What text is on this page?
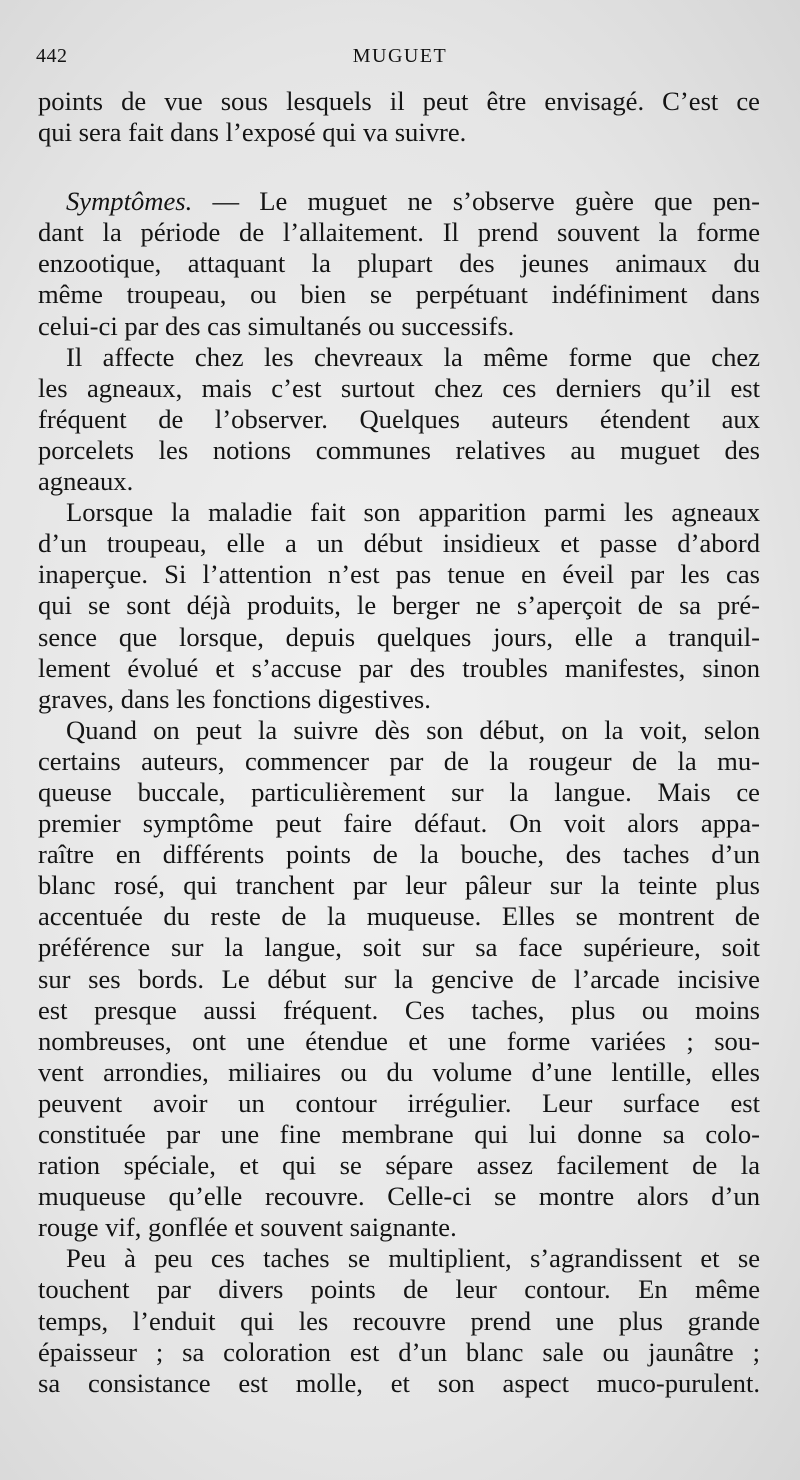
442	MUGUET
points de vue sous lesquels il peut être envisagé. C’est ce
qui sera fait dans l’exposé qui va suivre.
Symptômes. — Le muguet ne s’observe guère que pen-
dant la période de l’allaitement. Il prend souvent la forme
enzootique, attaquant la plupart des jeunes animaux du
même troupeau, ou bien se perpétuant indéfiniment dans
celui-ci par des cas simultanés ou successifs.
Il affecte chez les chevreaux la même forme que chez
les agneaux, mais c’est surtout chez ces derniers qu’il est
fréquent de l’observer. Quelques auteurs étendent aux
porcelets les notions communes relatives au muguet des
agneaux.
Lorsque la maladie fait son apparition parmi les agneaux
d’un troupeau, elle a un début insidieux et passe d’abord
inaperçue. Si l’attention n’est pas tenue en éveil par les cas
qui se sont déjà produits, le berger ne s’aperçoit de sa pré-
sence que lorsque, depuis quelques jours, elle a tranquil-
lement évolué et s’accuse par des troubles manifestes, sinon
graves, dans les fonctions digestives.
Quand on peut la suivre dès son début, on la voit, selon
certains auteurs, commencer par de la rougeur de la mu-
queuse buccale, particulièrement sur la langue. Mais ce
premier symptôme peut faire défaut. On voit alors appa-
raître en différents points de la bouche, des taches d’un
blanc rosé, qui tranchent par leur pâleur sur la teinte plus
accentuée du reste de la muqueuse. Elles se montrent de
préférence sur la langue, soit sur sa face supérieure, soit
sur ses bords. Le début sur la gencive de l’arcade incisive
est presque aussi fréquent. Ces taches, plus ou moins
nombreuses, ont une étendue et une forme variées ; sou-
vent arrondies, miliaires ou du volume d’une lentille, elles
peuvent avoir un contour irrégulier. Leur surface est
constituée par une fine membrane qui lui donne sa colo-
ration spéciale, et qui se sépare assez facilement de la
muqueuse qu’elle recouvre. Celle-ci se montre alors d’un
rouge vif, gonflée et souvent saignante.
Peu à peu ces taches se multiplient, s’agrandissent et se
touchent par divers points de leur contour. En même
temps, l’enduit qui les recouvre prend une plus grande
épaisseur ; sa coloration est d’un blanc sale ou jaunâtre ;
sa consistance est molle, et son aspect muco-purulent.
